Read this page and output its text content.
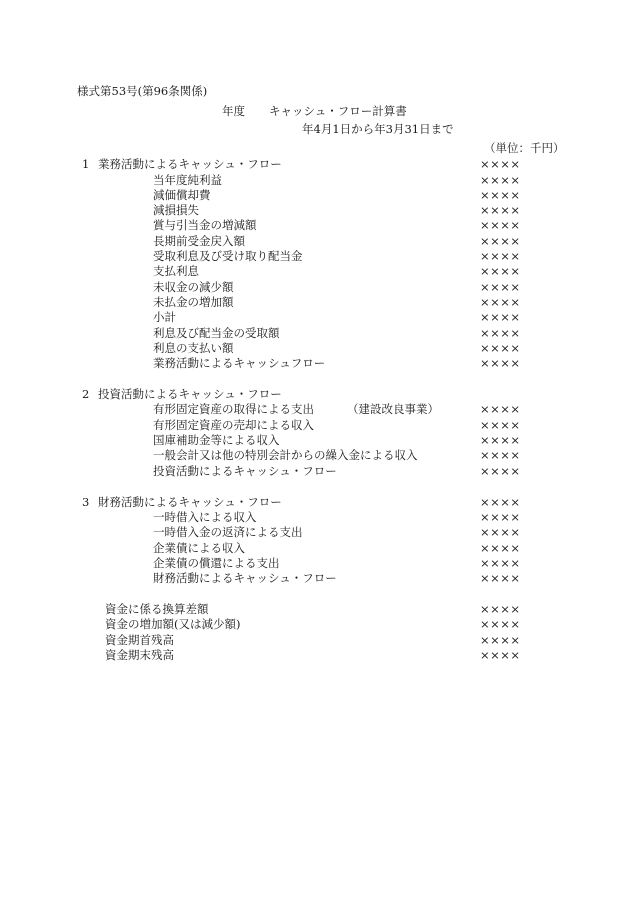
様式第53号(第96条関係)
年度 キャッシュ・フロー計算書
年4月1日から年3月31日まで
（単位：千円）
1 業務活動によるキャッシュ・フロー	××××
当年度純利益	××××
減価償却費	××××
減損損失	××××
賞与引当金の増減額	××××
長期前受金戻入額	××××
受取利息及び受け取り配当金	××××
支払利息	××××
未収金の減少額	××××
未払金の増加額	××××
小計	××××
利息及び配当金の受取額	××××
利息の支払い額	××××
業務活動によるキャッシュフロー	××××
2 投資活動によるキャッシュ・フロー
有形固定資産の取得による支出	（建設改良事業）	××××
有形固定資産の売却による収入	××××
国庫補助金等による収入	××××
一般会計又は他の特別会計からの繰入金による収入	××××
投資活動によるキャッシュ・フロー	××××
3 財務活動によるキャッシュ・フロー	××××
一時借入による収入	××××
一時借入金の返済による支出	××××
企業債による収入	××××
企業債の償還による支出	××××
財務活動によるキャッシュ・フロー	××××
資金に係る換算差額	××××
資金の増加額(又は減少額)	××××
資金期首残高	××××
資金期末残高	××××
